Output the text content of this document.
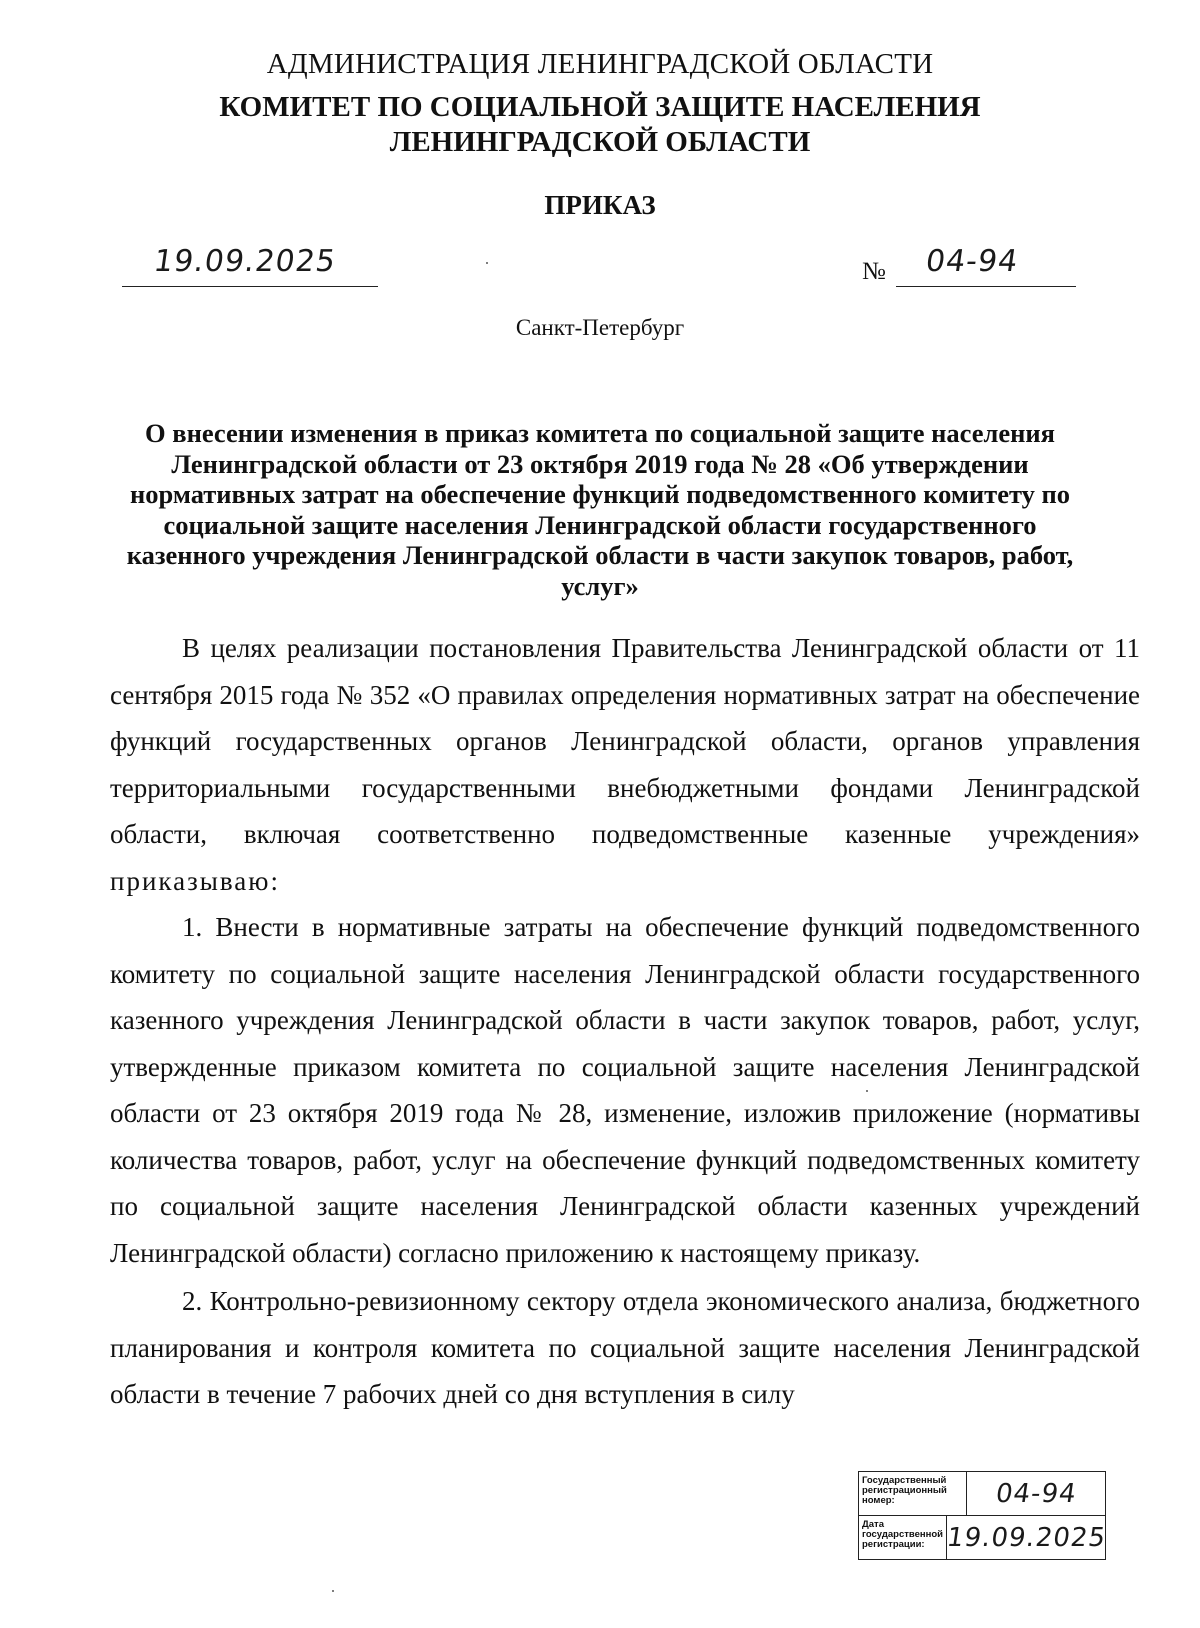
АДМИНИСТРАЦИЯ ЛЕНИНГРАДСКОЙ ОБЛАСТИ
КОМИТЕТ ПО СОЦИАЛЬНОЙ ЗАЩИТЕ НАСЕЛЕНИЯ
ЛЕНИНГРАДСКОЙ ОБЛАСТИ
ПРИКАЗ
19.09.2025	№ 04-94
Санкт-Петербург
О внесении изменения в приказ комитета по социальной защите населения Ленинградской области от 23 октября 2019 года № 28 «Об утверждении нормативных затрат на обеспечение функций подведомственного комитету по социальной защите населения Ленинградской области государственного казенного учреждения Ленинградской области в части закупок товаров, работ, услуг»

В целях реализации постановления Правительства Ленинградской области от 11 сентября 2015 года № 352 «О правилах определения нормативных затрат на обеспечение функций государственных органов Ленинградской области, органов управления территориальными государственными внебюджетными фондами Ленинградской области, включая соответственно подведомственные казенные учреждения» приказываю:

1. Внести в нормативные затраты на обеспечение функций подведомственного комитету по социальной защите населения Ленинградской области государственного казенного учреждения Ленинградской области в части закупок товаров, работ, услуг, утвержденные приказом комитета по социальной защите населения Ленинградской области от 23 октября 2019 года № 28, изменение, изложив приложение (нормативы количества товаров, работ, услуг на обеспечение функций подведомственных комитету по социальной защите населения Ленинградской области казенных учреждений Ленинградской области) согласно приложению к настоящему приказу.

2. Контрольно-ревизионному сектору отдела экономического анализа, бюджетного планирования и контроля комитета по социальной защите населения Ленинградской области в течение 7 рабочих дней со дня вступления в силу

Государственный
регистрационный
номер:	04-94
Дата
государственной
регистрации: 19.09.2025
